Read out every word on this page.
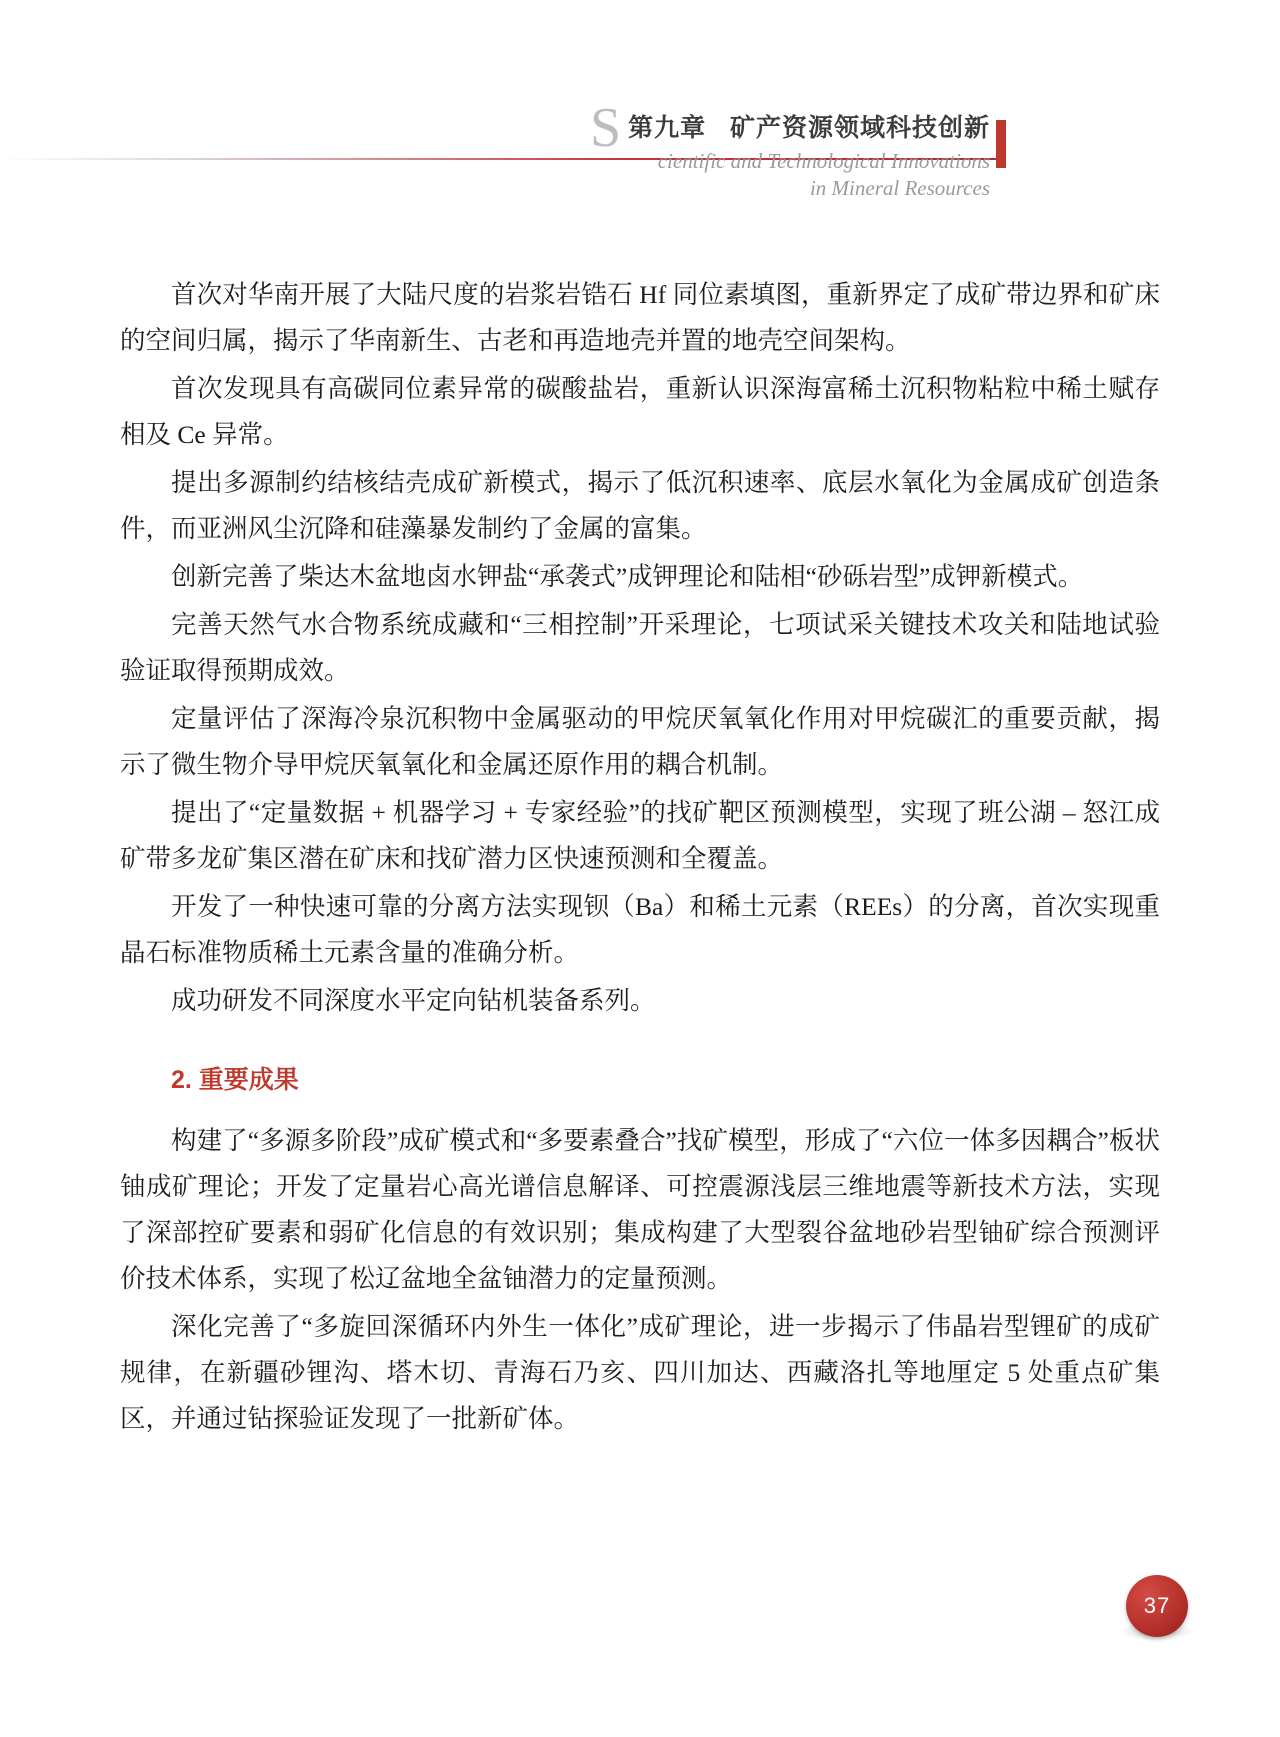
S第九章 矿产资源领域科技创新
cientific and Technological Innovations
in Mineral Resources

首次对华南开展了大陆尺度的岩浆岩锆石 Hf 同位素填图，重新界定了成矿带边界和矿床的空间归属，揭示了华南新生、古老和再造地壳并置的地壳空间架构。

首次发现具有高碳同位素异常的碳酸盐岩，重新认识深海富稀土沉积物粘粒中稀土赋存相及 Ce 异常。

提出多源制约结核结壳成矿新模式，揭示了低沉积速率、底层水氧化为金属成矿创造条件，而亚洲风尘沉降和硅藻暴发制约了金属的富集。

创新完善了柴达木盆地卤水钾盐“承袭式”成钾理论和陆相“砂砾岩型”成钾新模式。

完善天然气水合物系统成藏和“三相控制”开采理论，七项试采关键技术攻关和陆地试验验证取得预期成效。

定量评估了深海冷泉沉积物中金属驱动的甲烷厌氧氧化作用对甲烷碳汇的重要贡献，揭示了微生物介导甲烷厌氧氧化和金属还原作用的耦合机制。

提出了“定量数据 + 机器学习 + 专家经验”的找矿靶区预测模型，实现了班公湖 – 怒江成矿带多龙矿集区潜在矿床和找矿潜力区快速预测和全覆盖。

开发了一种快速可靠的分离方法实现钡（Ba）和稀土元素（REEs）的分离，首次实现重晶石标准物质稀土元素含量的准确分析。

成功研发不同深度水平定向钻机装备系列。

2. 重要成果

构建了“多源多阶段”成矿模式和“多要素叠合”找矿模型，形成了“六位一体多因耦合”板状铀成矿理论；开发了定量岩心高光谱信息解译、可控震源浅层三维地震等新技术方法，实现了深部控矿要素和弱矿化信息的有效识别；集成构建了大型裂谷盆地砂岩型铀矿综合预测评价技术体系，实现了松辽盆地全盆铀潜力的定量预测。

深化完善了“多旋回深循环内外生一体化”成矿理论，进一步揭示了伟晶岩型锂矿的成矿规律，在新疆砂锂沟、塔木切、青海石乃亥、四川加达、西藏洛扎等地厘定 5 处重点矿集区，并通过钻探验证发现了一批新矿体。

37
